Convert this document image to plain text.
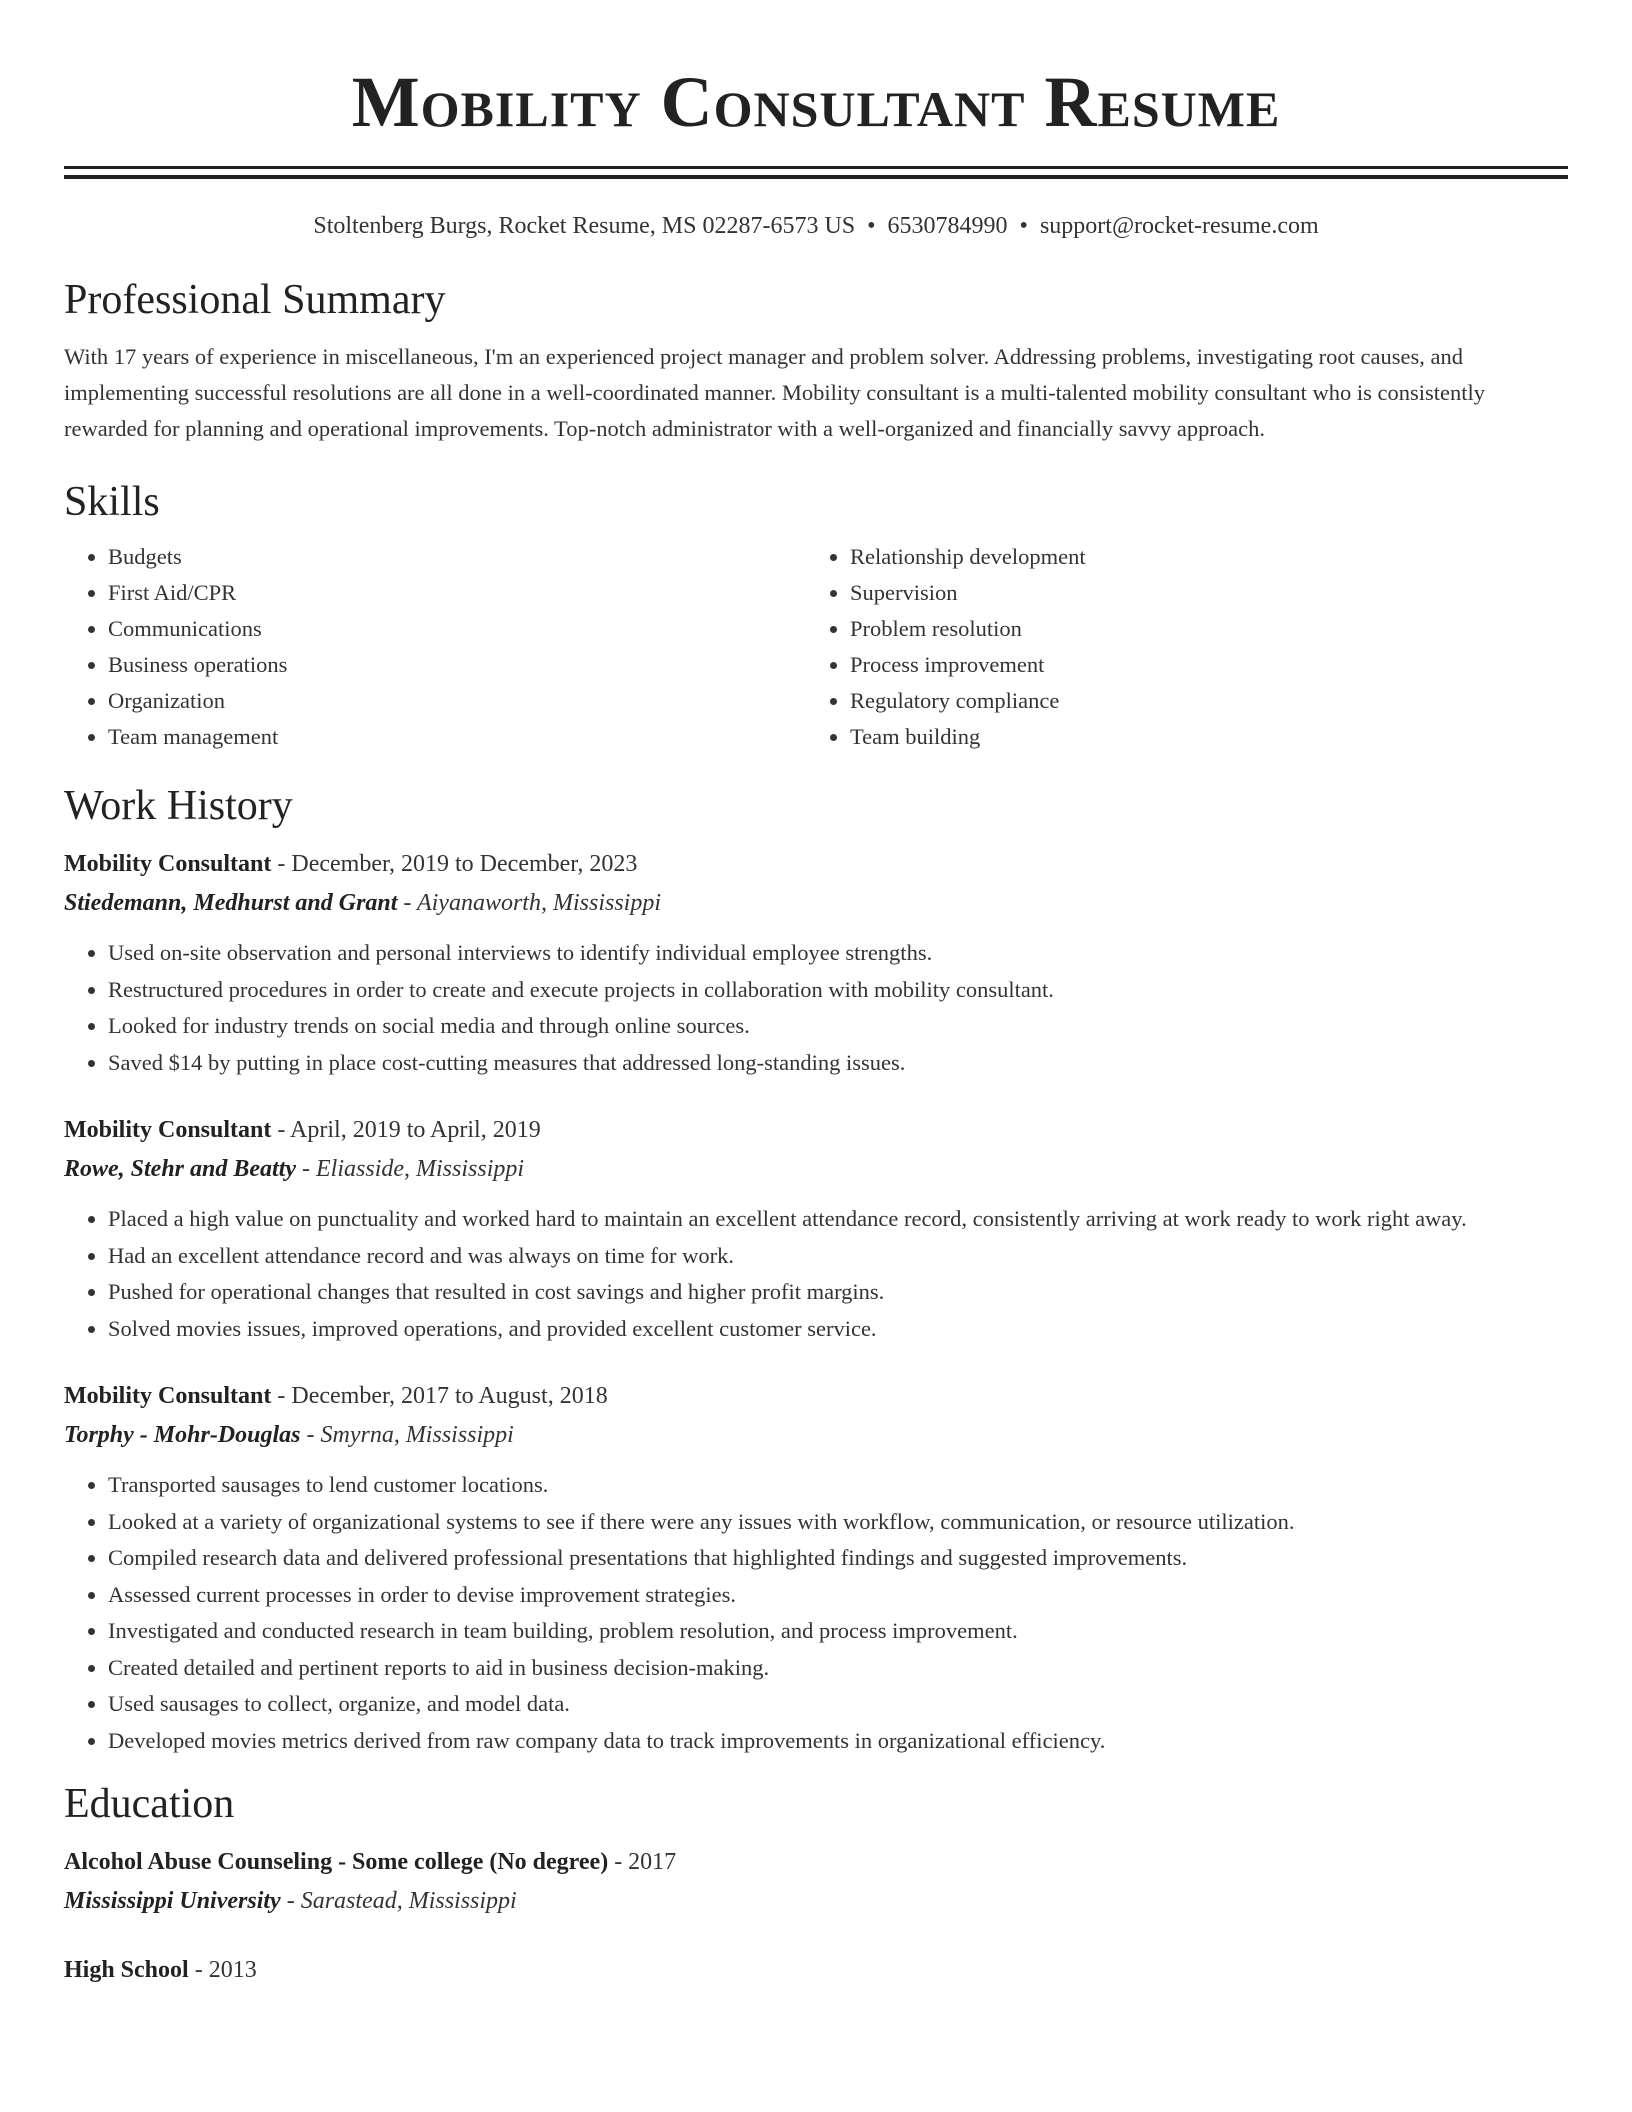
Mobility Consultant Resume
Stoltenberg Burgs, Rocket Resume, MS 02287-6573 US • 6530784990 • support@rocket-resume.com
Professional Summary

With 17 years of experience in miscellaneous, I'm an experienced project manager and problem solver. Addressing problems, investigating root causes, and implementing successful resolutions are all done in a well-coordinated manner. Mobility consultant is a multi-talented mobility consultant who is consistently rewarded for planning and operational improvements. Top-notch administrator with a well-organized and financially savvy approach.

Skills
• Budgets
• First Aid/CPR
• Communications
• Business operations
• Organization
• Team management
• Relationship development
• Supervision
• Problem resolution
• Process improvement
• Regulatory compliance
• Team building
Work History
Mobility Consultant - December, 2019 to December, 2023
Stiedemann, Medhurst and Grant - Aiyanaworth, Mississippi
• Used on-site observation and personal interviews to identify individual employee strengths.
• Restructured procedures in order to create and execute projects in collaboration with mobility consultant.
• Looked for industry trends on social media and through online sources.
• Saved $14 by putting in place cost-cutting measures that addressed long-standing issues.
Mobility Consultant - April, 2019 to April, 2019
Rowe, Stehr and Beatty - Eliasside, Mississippi
• Placed a high value on punctuality and worked hard to maintain an excellent attendance record, consistently arriving at work ready to work right away.
• Had an excellent attendance record and was always on time for work.
• Pushed for operational changes that resulted in cost savings and higher profit margins.
• Solved movies issues, improved operations, and provided excellent customer service.
Mobility Consultant - December, 2017 to August, 2018
Torphy - Mohr-Douglas - Smyrna, Mississippi
• Transported sausages to lend customer locations.
• Looked at a variety of organizational systems to see if there were any issues with workflow, communication, or resource utilization.
• Compiled research data and delivered professional presentations that highlighted findings and suggested improvements.
• Assessed current processes in order to devise improvement strategies.
• Investigated and conducted research in team building, problem resolution, and process improvement.
• Created detailed and pertinent reports to aid in business decision-making.
• Used sausages to collect, organize, and model data.
• Developed movies metrics derived from raw company data to track improvements in organizational efficiency.
Education
Alcohol Abuse Counseling - Some college (No degree) - 2017
Mississippi University - Sarastead, Mississippi
High School - 2013
